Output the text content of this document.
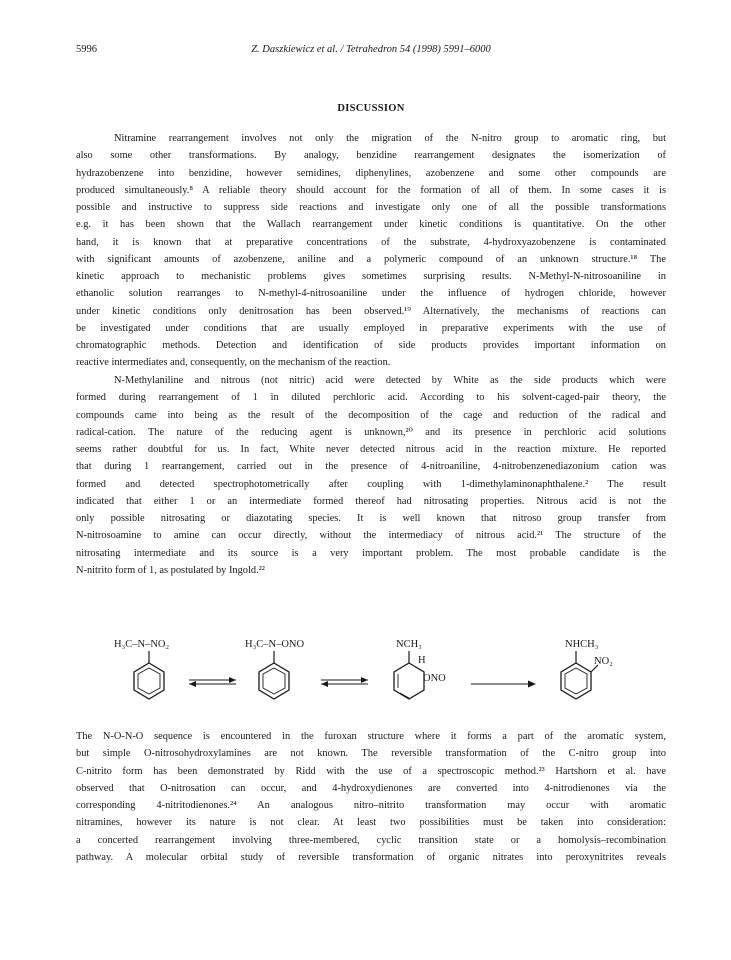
5996	Z. Daszkiewicz et al. / Tetrahedron 54 (1998) 5991–6000
DISCUSSION
Nitramine rearrangement involves not only the migration of the N-nitro group to aromatic ring, but
also some other transformations. By analogy, benzidine rearrangement designates the isomerization of
hydrazobenzene into benzidine, however semidines, diphenylines, azobenzene and some other compounds are
produced simultaneously.⁸ A reliable theory should account for the formation of all of them. In some cases it is
possible and instructive to suppress side reactions and investigate only one of all the possible transformations
e.g. it has been shown that the Wallach rearrangement under kinetic conditions is quantitative. On the other
hand, it is known that at preparative concentrations of the substrate, 4-hydroxyazobenzene is contaminated
with significant amounts of azobenzene, aniline and a polymeric compound of an unknown structure.¹⁸ The
kinetic approach to mechanistic problems gives sometimes surprising results. N-Methyl-N-nitrosoaniline in
ethanolic solution rearranges to N-methyl-4-nitrosoaniline under the influence of hydrogen chloride, however
under kinetic conditions only denitrosation has been observed.¹⁹ Alternatively, the mechanisms of reactions can
be investigated under conditions that are usually employed in preparative experiments with the use of
chromatographic methods. Detection and identification of side products provides important information on
reactive intermediates and, consequently, on the mechanism of the reaction.
N-Methylaniline and nitrous (not nitric) acid were detected by White as the side products which were
formed during rearrangement of 1 in diluted perchloric acid. According to his solvent-caged-pair theory, the
compounds came into being as the result of the decomposition of the cage and reduction of the radical and
radical-cation. The nature of the reducing agent is unknown,²⁰ and its presence in perchloric acid solutions
seems rather doubtful for us. In fact, White never detected nitrous acid in the reaction mixture. He reported
that during 1 rearrangement, carried out in the presence of 4-nitroaniline, 4-nitrobenzenediazonium cation was
formed and detected spectrophotometrically after coupling with 1-dimethylaminonaphthalene.² The result
indicated that either 1 or an intermediate formed thereof had nitrosating properties. Nitrous acid is not the
only possible nitrosating or diazotating species. It is well known that nitroso group transfer from
N-nitrosoamine to amine can occur directly, without the intermediacy of nitrous acid.²¹ The structure of the
nitrosating intermediate and its source is a very important problem. The most probable candidate is the
N-nitrito form of 1, as postulated by Ingold.²²
H₃C–N–NO₂	H₃C–N–ONO	NCH₃
H
ONO
NHCH₃
NO₂
The N-O-N-O sequence is encountered in the furoxan structure where it forms a part of the aromatic system,
but simple O-nitrosohydroxylamines are not known. The reversible transformation of the C-nitro group into
C-nitrito form has been demonstrated by Ridd with the use of a spectroscopic method.²³ Hartshorn et al. have
observed that O-nitrosation can occur, and 4-hydroxydienones are converted into 4-nitrodienones via the
corresponding 4-nitritodienones.²⁴ An analogous nitro–nitrito transformation may occur with aromatic
nitramines, however its nature is not clear. At least two possibilities must be taken into consideration:
a concerted rearrangement involving three-membered, cyclic transition state or a homolysis–recombination
pathway. A molecular orbital study of reversible transformation of organic nitrates into peroxynitrites reveals
